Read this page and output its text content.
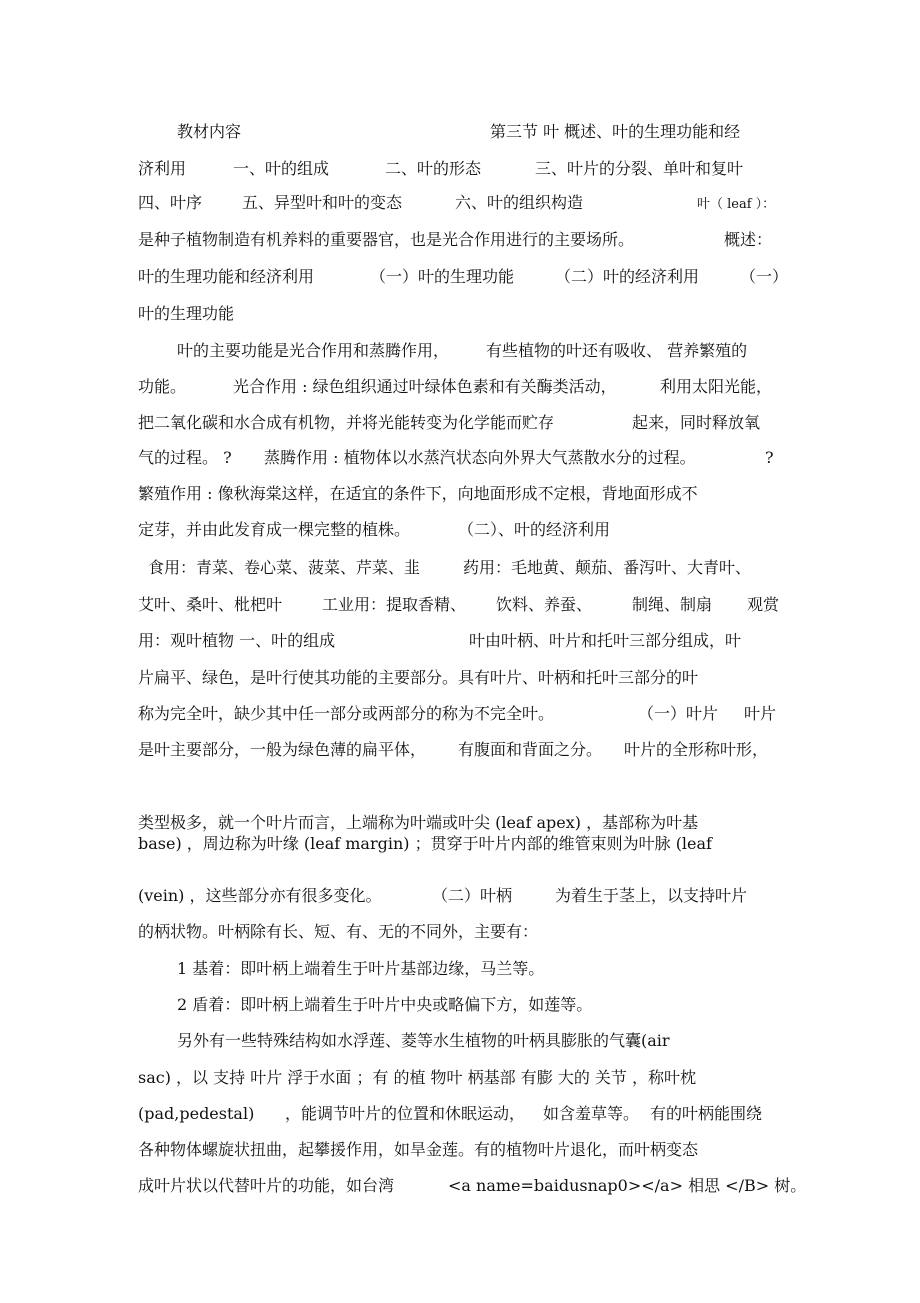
教材内容	第三节 叶 概述、叶的生理功能和经
济利用	一、叶的组成	二、叶的形态	三、叶片的分裂、单叶和复叶
四、叶序 五、异型叶和叶的变态	六、叶的组织构造	叶（ leaf ）：
是种子植物制造有机养料的重要器官，也是光合作用进行的主要场所。	概述：
叶的生理功能和经济利用	（一）叶的生理功能	（二）叶的经济利用	（一）
叶的生理功能
叶的主要功能是光合作用和蒸腾作用， 有些植物的叶还有吸收、 营养繁殖的
功能。	光合作用 : 绿色组织通过叶绿体色素和有关酶类活动，	利用太阳光能，
把二氧化碳和水合成有机物，并将光能转变为化学能而贮存	起来，同时释放氧
气的过程。 ? 蒸腾作用 : 植物体以水蒸汽状态向外界大气蒸散水分的过程。	?
繁殖作用 : 像秋海棠这样，在适宜的条件下，向地面形成不定根，背地面形成不
定芽，并由此发育成一棵完整的植株。	（二）、叶的经济利用
食用：青菜、卷心菜、菠菜、芹菜、韭	药用：毛地黄、颠茄、番泻叶、大青叶、
艾叶、桑叶、枇杷叶 工业用：提取香精、 饮料、养蚕、 制绳、制扇 观赏
用：观叶植物 一、叶的组成	叶由叶柄、叶片和托叶三部分组成，叶
片扁平、绿色，是叶行使其功能的主要部分。具有叶片、叶柄和托叶三部分的叶
称为完全叶，缺少其中任一部分或两部分的称为不完全叶。	（一）叶片 叶片
是叶主要部分，一般为绿色薄的扁平体， 有腹面和背面之分。 叶片的全形称叶形，
类型极多，就一个叶片而言，上端称为叶端或叶尖 (leaf apex) ，基部称为叶基
base) ，周边称为叶缘 (leaf margin) ；贯穿于叶片内部的维管束则为叶脉 (leaf
(vein) ，这些部分亦有很多变化。	（二）叶柄	为着生于茎上，以支持叶片
的柄状物。叶柄除有长、短、有、无的不同外，主要有：
1 基着：即叶柄上端着生于叶片基部边缘，马兰等。
2 盾着：即叶柄上端着生于叶片中央或略偏下方，如莲等。
另外有一些特殊结构如水浮莲、菱等水生植物的叶柄具膨胀的气囊(air
sac) ，以 支持 叶片 浮于水面 ；有 的植 物叶 柄基部 有膨 大的 关节 ，称叶枕
(pad,pedestal) ，能调节叶片的位置和休眠运动， 如含羞草等。 有的叶柄能围绕
各种物体螺旋状扭曲，起攀援作用，如旱金莲。有的植物叶片退化，而叶柄变态
成叶片状以代替叶片的功能，如台湾	<a name=baidusnap0></a> 相思 </B> 树。
